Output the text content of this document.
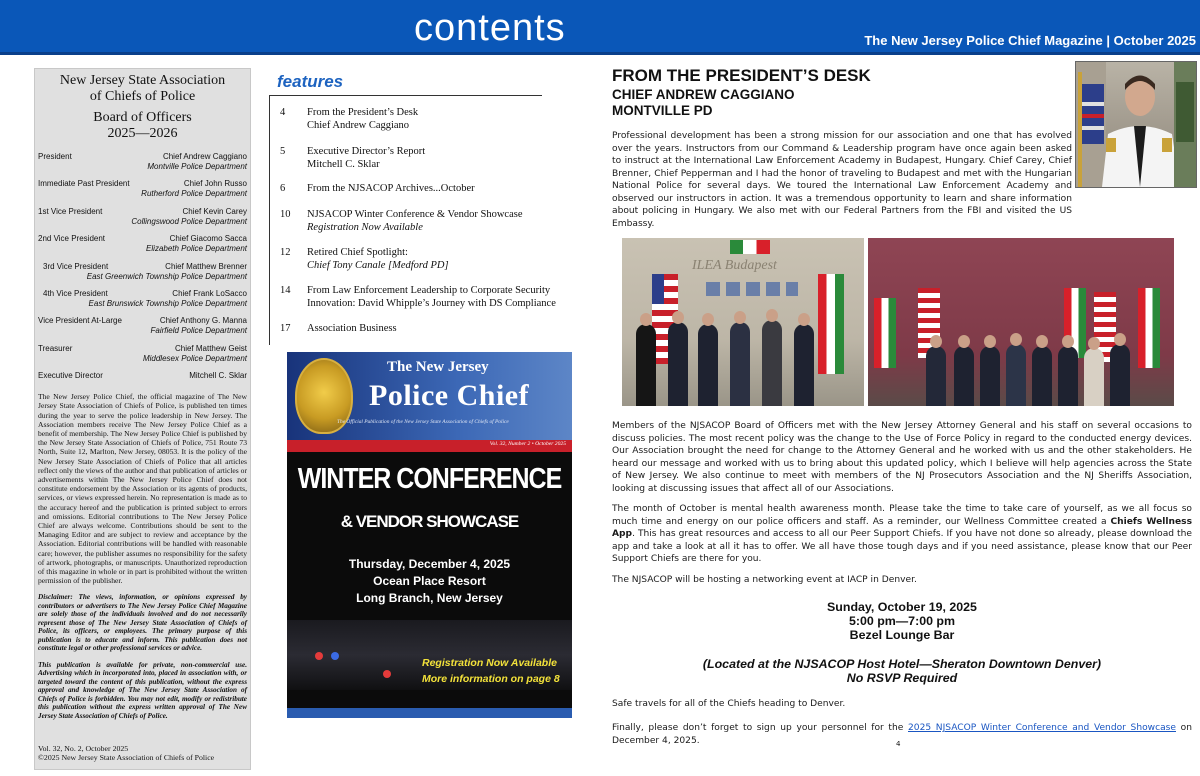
contents	The New Jersey Police Chief Magazine | October 2025
New Jersey State Association
of Chiefs of Police
Board of Officers
2025—2026
President	Chief Andrew Caggiano
Montville Police Department
Immediate Past President	Chief John Russo
Rutherford Police Department
1st Vice President	Chief Kevin Carey
Collingswood Police Department
2nd Vice President	Chief Giacomo Sacca
Elizabeth Police Department
3rd Vice President	Chief Matthew Brenner
East Greenwich Township Police Department
4th Vice President	Chief Frank LoSacco
East Brunswick Township Police Department
Vice President At-Large	Chief Anthony G. Manna
Fairfield Police Department
Treasurer	Chief Matthew Geist
Middlesex Police Department
Executive Director	Mitchell C. Sklar
The New Jersey Police Chief, the official magazine of The New Jersey State Association of Chiefs of Police, is published ten times during the year to serve the police leadership in New Jersey. The Association members receive The New Jersey Police Chief as a benefit of membership. The New Jersey Police Chief is published by the New Jersey State Association of Chiefs of Police, 751 Route 73 North, Suite 12, Marlton, New Jersey, 08053. It is the policy of the New Jersey State Association of Chiefs of Police that all articles reflect only the views of the author and that publication of articles or advertisements within The New Jersey Police Chief does not constitute endorsement by the Association or its agents of products, services, or views expressed herein. No representation is made as to the accuracy hereof and the publication is printed subject to errors and omissions. Editorial contributions to The New Jersey Police Chief are always welcome. Contributions should be sent to the Managing Editor and are subject to review and acceptance by the Association. Editorial contributions will be handled with reasonable care; however, the publisher assumes no responsibility for the safety of artwork, photographs, or manuscripts. Unauthorized reproduction of this magazine in whole or in part is prohibited without the written permission of the publisher.
Disclaimer: The views, information, or opinions expressed by contributors or advertisers to The New Jersey Police Chief Magazine are solely those of the individuals involved and do not necessarily represent those of The New Jersey State Association of Chiefs of Police, its officers, or employees. The primary purpose of this publication is to educate and inform. This publication does not constitute legal or other professional services or advice.
This publication is available for private, non-commercial use. Advertising which in incorporated into, placed in association with, or targeted toward the content of this publication, without the express approval and knowledge of The New Jersey State Association of Chiefs of Police is forbidden. You may not edit, modify or redistribute this publication without the express written approval of The New Jersey State Association of Chiefs of Police.
Vol. 32, No. 2, October 2025
©2025 New Jersey State Association of Chiefs of Police
features
4	From the President’s Desk
Chief Andrew Caggiano
5	Executive Director’s Report
Mitchell C. Sklar
6	From the NJSACOP Archives...October
10	NJSACOP Winter Conference & Vendor Showcase
Registration Now Available
12	Retired Chief Spotlight:
Chief Tony Canale [Medford PD]
14	From Law Enforcement Leadership to Corporate Security
Innovation: David Whipple’s Journey with DS Compliance
17	Association Business
The New Jersey
Police Chief
The Official Publication of the New Jersey State Association of Chiefs of Police
Vol. 32, Number 2 • October 2025
WINTER CONFERENCE
& VENDOR SHOWCASE
Thursday, December 4, 2025
Ocean Place Resort
Long Branch, New Jersey
Registration Now Available
More information on page 8
FROM THE PRESIDENT’S DESK
CHIEF ANDREW CAGGIANO
MONTVILLE PD
Professional development has been a strong mission for our association and one that has evolved over the years. Instructors from our Command & Leadership program have once again been asked to instruct at the International Law Enforcement Academy in Budapest, Hungary. Chief Carey, Chief Brenner, Chief Pepperman and I had the honor of traveling to Budapest and met with the Hungarian National Police for several days. We toured the International Law Enforcement Academy and observed our instructors in action. It was a tremendous opportunity to learn and share information about policing in Hungary. We also met with our Federal Partners from the FBI and visited the US Embassy.
ILEA Budapest
Members of the NJSACOP Board of Officers met with the New Jersey Attorney General and his staff on several occasions to discuss policies. The most recent policy was the change to the Use of Force Policy in regard to the conducted energy devices. Our Association brought the need for change to the Attorney General and he worked with us and the other stakeholders. He heard our message and worked with us to bring about this updated policy, which I believe will help agencies across the State of New Jersey. We also continue to meet with members of the NJ Prosecutors Association and the NJ Sheriffs Association, looking at discussing issues that affect all of our Associations.
The month of October is mental health awareness month. Please take the time to take care of yourself, as we all focus so much time and energy on our police officers and staff. As a reminder, our Wellness Committee created a Chiefs Wellness App. This has great resources and access to all our Peer Support Chiefs. If you have not done so already, please download the app and take a look at all it has to offer. We all have those tough days and if you need assistance, please know that our Peer Support Chiefs are there for you.
The NJSACOP will be hosting a networking event at IACP in Denver.
Sunday, October 19, 2025
5:00 pm—7:00 pm
Bezel Lounge Bar
(Located at the NJSACOP Host Hotel—Sheraton Downtown Denver)
No RSVP Required
Safe travels for all of the Chiefs heading to Denver.
Finally, please don’t forget to sign up your personnel for the 2025 NJSACOP Winter Conference and Vendor Showcase on December 4, 2025.	4
